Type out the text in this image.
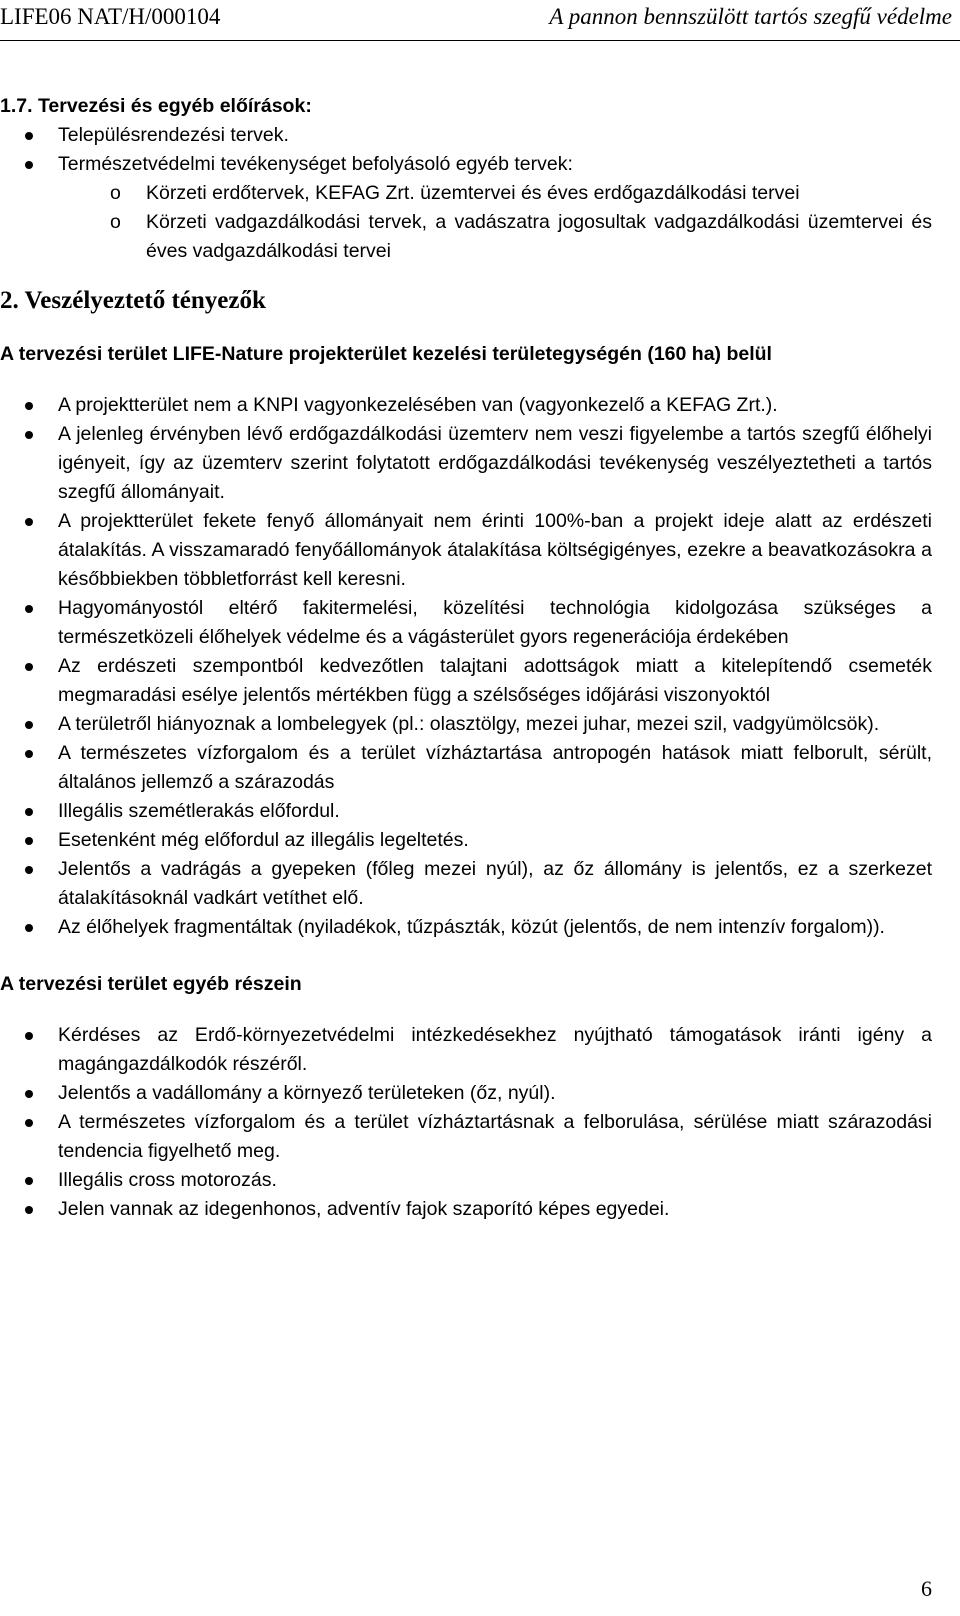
LIFE06 NAT/H/000104	A pannon bennszülött tartós szegfű védelme

1.7. Tervezési és egyéb előírások:

Településrendezési tervek.
Természetvédelmi tevékenységet befolyásoló egyéb tervek:
o Körzeti erdőtervek, KEFAG Zrt. üzemtervei és éves erdőgazdálkodási tervei
o Körzeti vadgazdálkodási tervek, a vadászatra jogosultak vadgazdálkodási üzemtervei és éves vadgazdálkodási tervei

2. Veszélyeztető tényezők

A tervezési terület LIFE-Nature projekterület kezelési területegységén (160 ha) belül

A projektterület nem a KNPI vagyonkezelésében van (vagyonkezelő a KEFAG Zrt.).
A jelenleg érvényben lévő erdőgazdálkodási üzemterv nem veszi figyelembe a tartós szegfű élőhelyi igényeit, így az üzemterv szerint folytatott erdőgazdálkodási tevékenység veszélyeztetheti a tartós szegfű állományait.
A projektterület fekete fenyő állományait nem érinti 100%-ban a projekt ideje alatt az erdészeti átalakítás. A visszamaradó fenyőállományok átalakítása költségigényes, ezekre a beavatkozásokra a későbbiekben többletforrást kell keresni.
Hagyományostól eltérő fakitermelési, közelítési technológia kidolgozása szükséges a természetközeli élőhelyek védelme és a vágásterület gyors regenerációja érdekében
Az erdészeti szempontból kedvezőtlen talajtani adottságok miatt a kitelepítendő csemeték megmaradási esélye jelentős mértékben függ a szélsőséges időjárási viszonyoktól
A területről hiányoznak a lombelegyek (pl.: olasztölgy, mezei juhar, mezei szil, vadgyümölcsök).
A természetes vízforgalom és a terület vízháztartása antropogén hatások miatt felborult, sérült, általános jellemző a szárazodás
Illegális szemétlerakás előfordul.
Esetenként még előfordul az illegális legeltetés.
Jelentős a vadrágás a gyepeken (főleg mezei nyúl), az őz állomány is jelentős, ez a szerkezet átalakításoknál vadkárt vetíthet elő.
Az élőhelyek fragmentáltak (nyiladékok, tűzpászták, közút (jelentős, de nem intenzív forgalom)).

A tervezési terület egyéb részein

Kérdéses az Erdő-környezetvédelmi intézkedésekhez nyújtható támogatások iránti igény a magángazdálkodók részéről.
Jelentős a vadállomány a környező területeken (őz, nyúl).
A természetes vízforgalom és a terület vízháztartásnak a felborulása, sérülése miatt szárazodási tendencia figyelhető meg.
Illegális cross motorozás.
Jelen vannak az idegenhonos, adventív fajok szaporító képes egyedei.
6
